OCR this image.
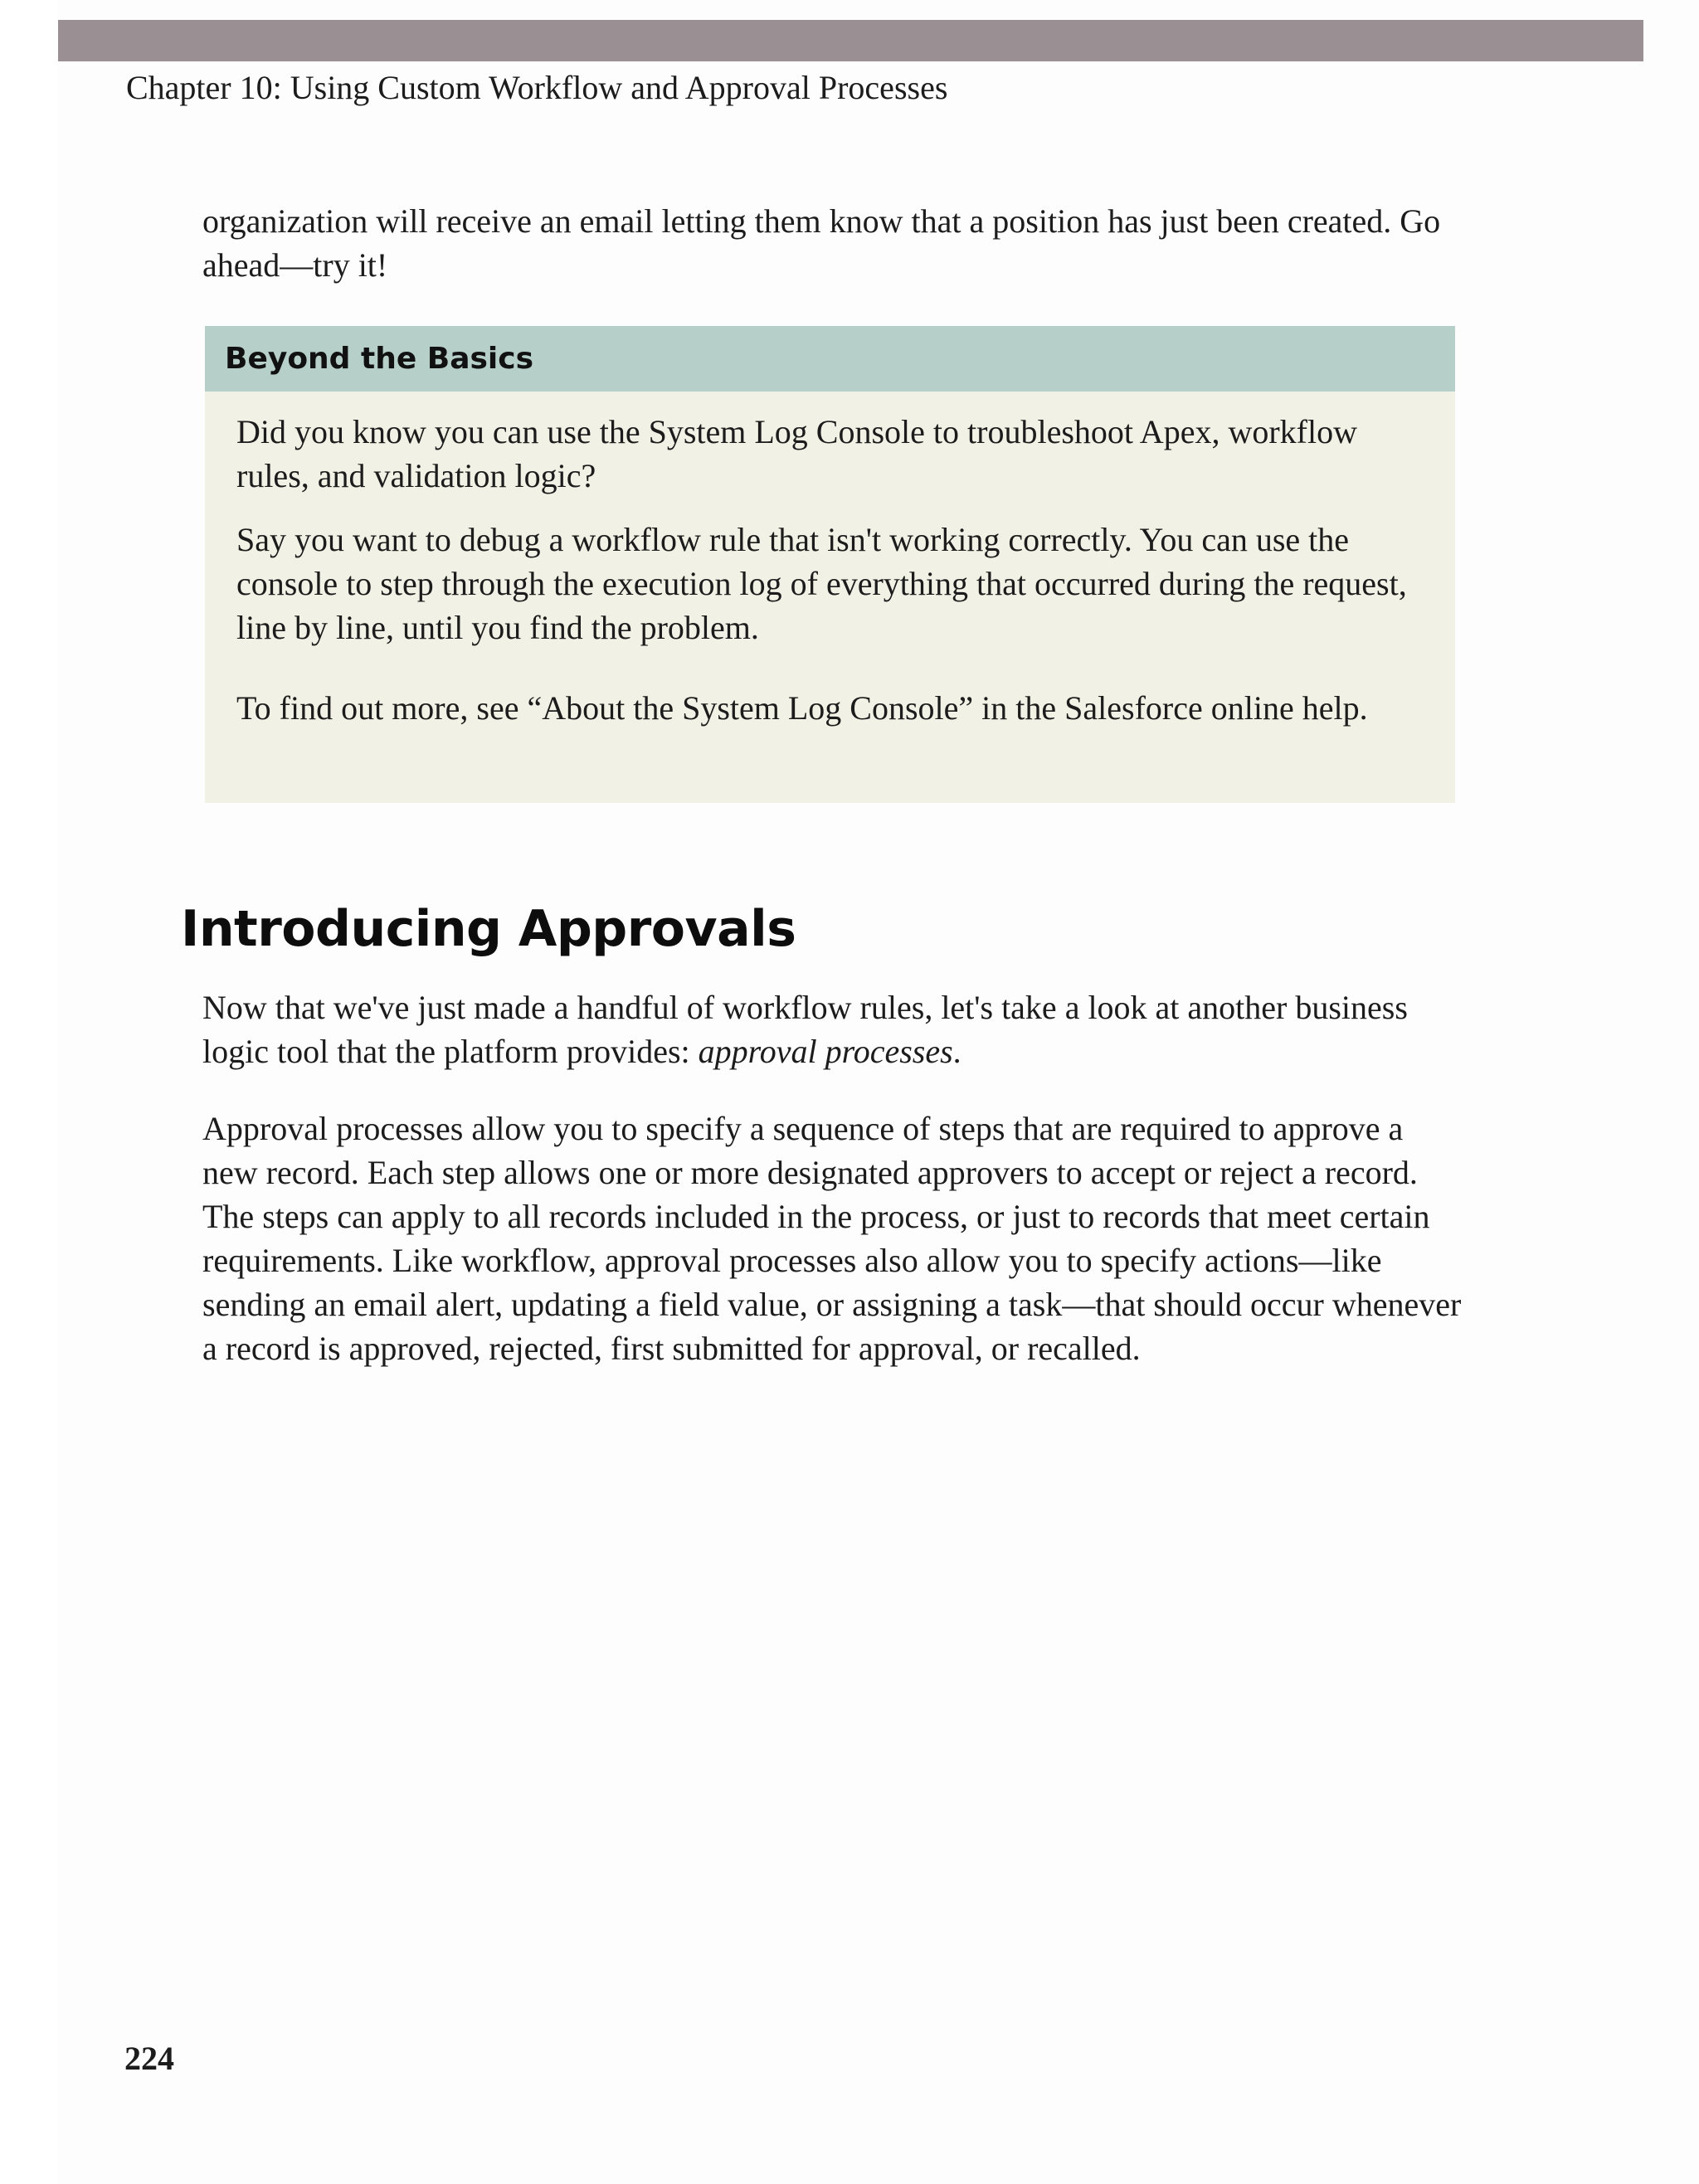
Chapter 10: Using Custom Workflow and Approval Processes

organization will receive an email letting them know that a position has just been created. Go ahead—try it!

Beyond the Basics

Did you know you can use the System Log Console to troubleshoot Apex, workflow rules, and validation logic?

Say you want to debug a workflow rule that isn't working correctly. You can use the console to step through the execution log of everything that occurred during the request, line by line, until you find the problem.

To find out more, see “About the System Log Console” in the Salesforce online help.

Introducing Approvals

Now that we've just made a handful of workflow rules, let's take a look at another business logic tool that the platform provides: approval processes.

Approval processes allow you to specify a sequence of steps that are required to approve a new record. Each step allows one or more designated approvers to accept or reject a record. The steps can apply to all records included in the process, or just to records that meet certain requirements. Like workflow, approval processes also allow you to specify actions—like sending an email alert, updating a field value, or assigning a task—that should occur whenever a record is approved, rejected, first submitted for approval, or recalled.

224
